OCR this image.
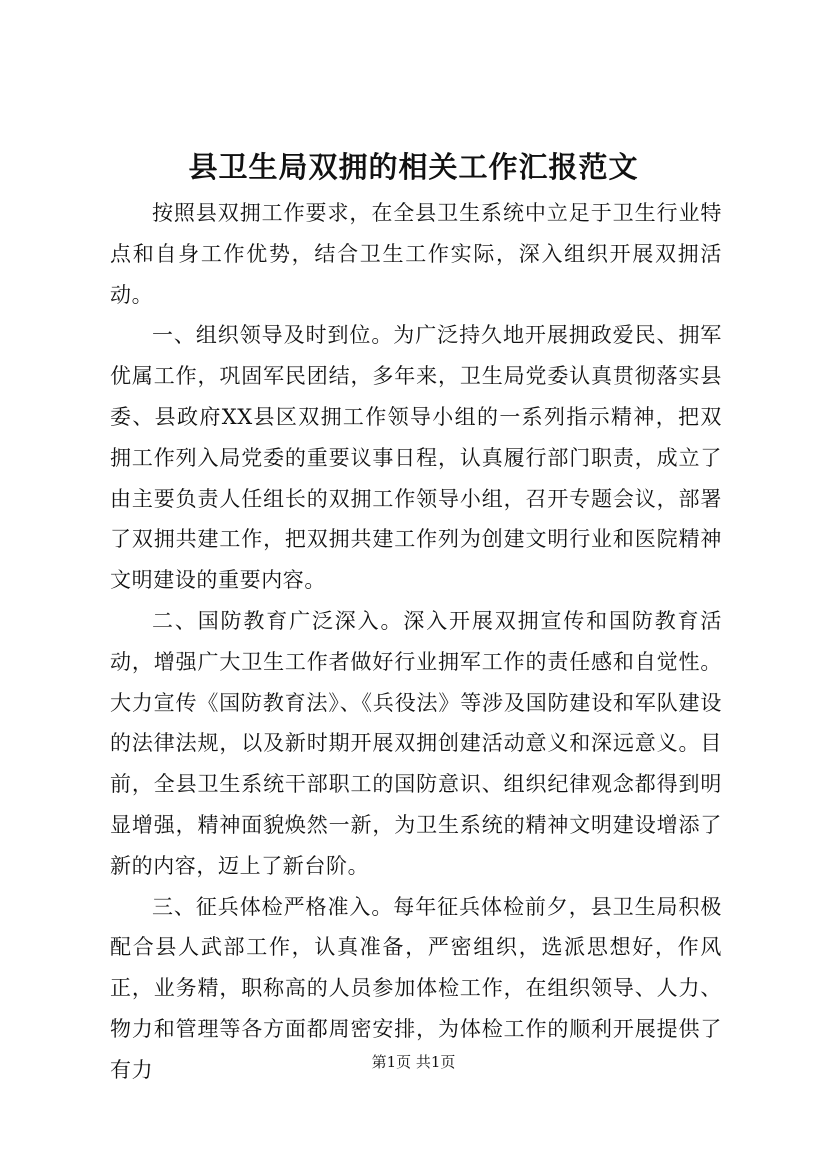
县卫生局双拥的相关工作汇报范文

按照县双拥工作要求，在全县卫生系统中立足于卫生行业特点和自身工作优势，结合卫生工作实际，深入组织开展双拥活动。

一、组织领导及时到位。为广泛持久地开展拥政爱民、拥军优属工作，巩固军民团结，多年来，卫生局党委认真贯彻落实县委、县政府XX县区双拥工作领导小组的一系列指示精神，把双拥工作列入局党委的重要议事日程，认真履行部门职责，成立了由主要负责人任组长的双拥工作领导小组，召开专题会议，部署了双拥共建工作，把双拥共建工作列为创建文明行业和医院精神文明建设的重要内容。

二、国防教育广泛深入。深入开展双拥宣传和国防教育活动，增强广大卫生工作者做好行业拥军工作的责任感和自觉性。大力宣传《国防教育法》、《兵役法》等涉及国防建设和军队建设的法律法规，以及新时期开展双拥创建活动意义和深远意义。目前，全县卫生系统干部职工的国防意识、组织纪律观念都得到明显增强，精神面貌焕然一新，为卫生系统的精神文明建设增添了新的内容，迈上了新台阶。

三、征兵体检严格准入。每年征兵体检前夕，县卫生局积极配合县人武部工作，认真准备，严密组织，选派思想好，作风正，业务精，职称高的人员参加体检工作，在组织领导、人力、物力和管理等各方面都周密安排，为体检工作的顺利开展提供了有力	第1页 共1页
